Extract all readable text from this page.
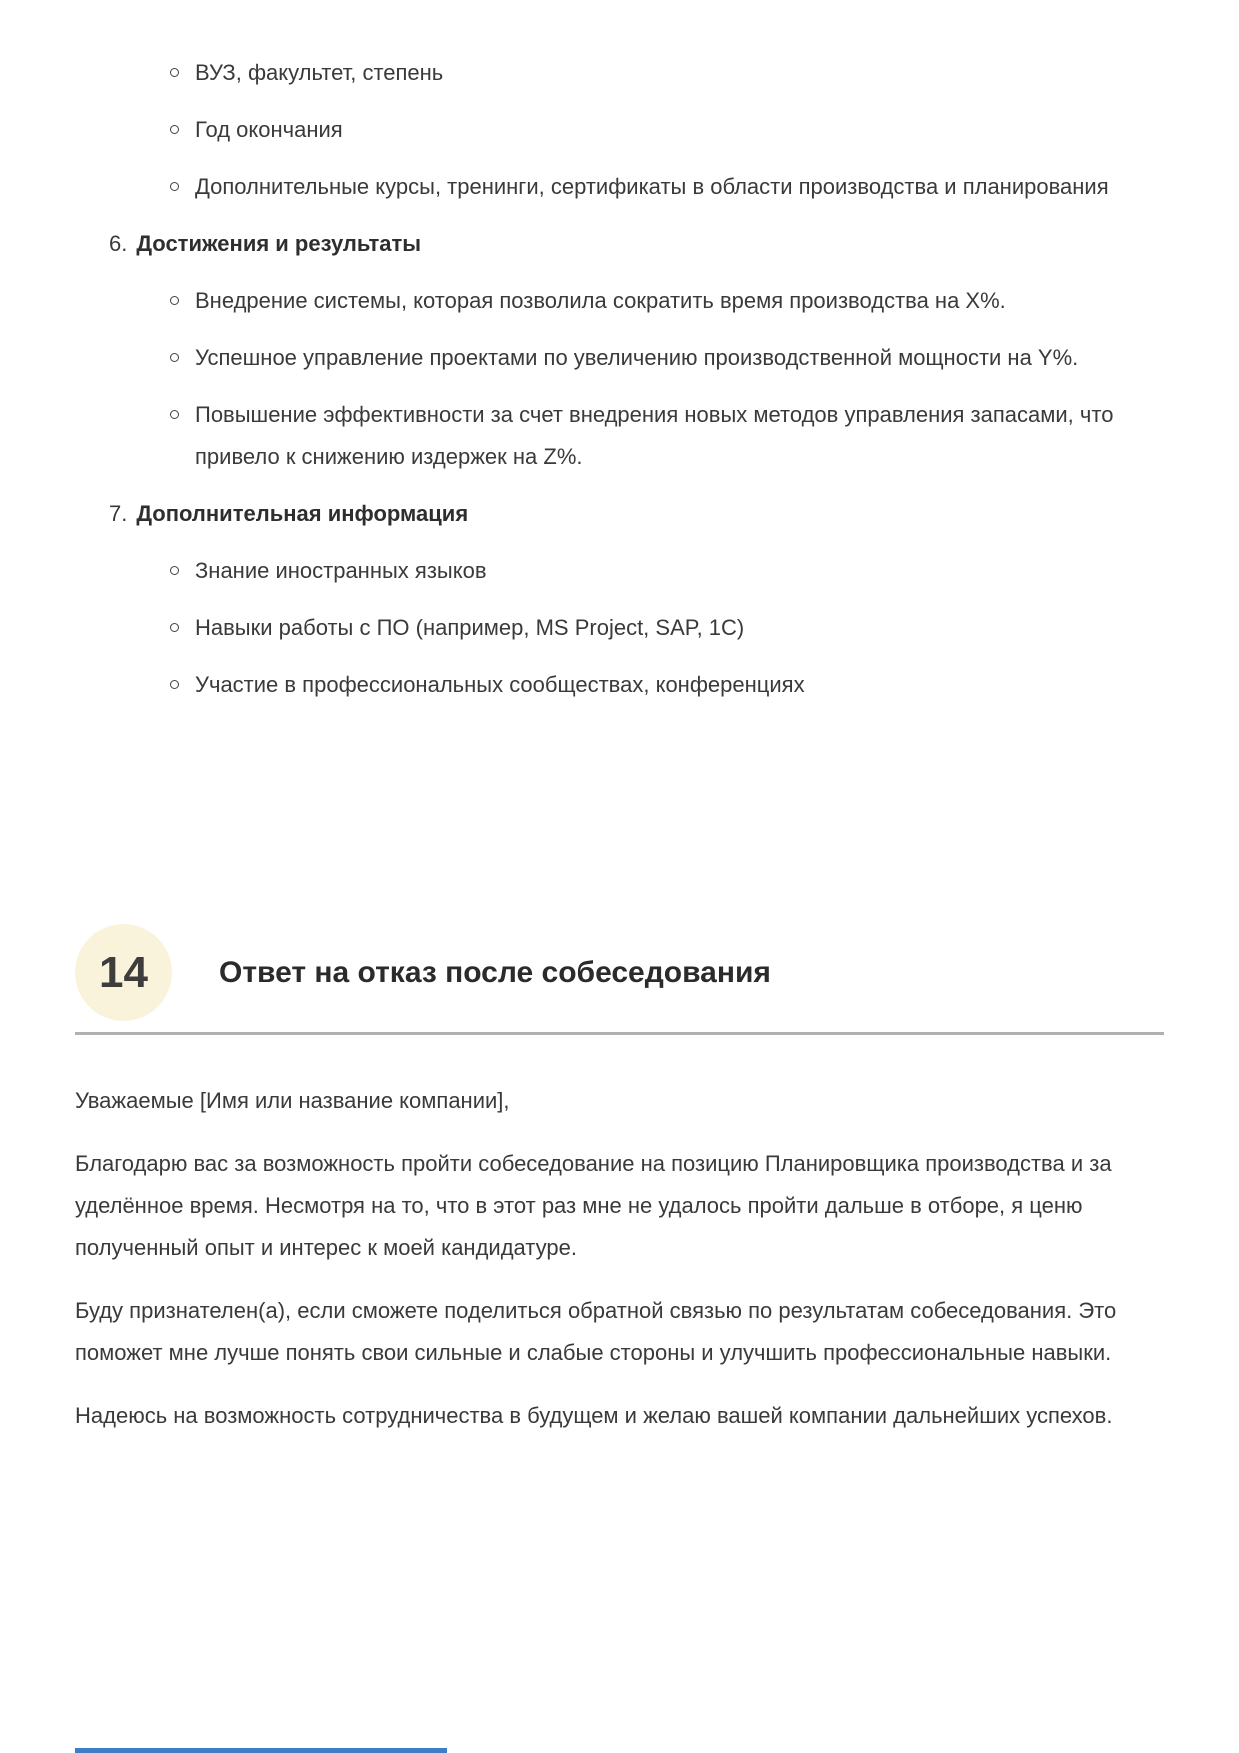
ВУЗ, факультет, степень
Год окончания
Дополнительные курсы, тренинги, сертификаты в области производства и планирования
6. Достижения и результаты
Внедрение системы, которая позволила сократить время производства на X%.
Успешное управление проектами по увеличению производственной мощности на Y%.
Повышение эффективности за счет внедрения новых методов управления запасами, что привело к снижению издержек на Z%.
7. Дополнительная информация
Знание иностранных языков
Навыки работы с ПО (например, MS Project, SAP, 1C)
Участие в профессиональных сообществах, конференциях
14 Ответ на отказ после собеседования

Уважаемые [Имя или название компании],

Благодарю вас за возможность пройти собеседование на позицию Планировщика производства и за уделённое время. Несмотря на то, что в этот раз мне не удалось пройти дальше в отборе, я ценю полученный опыт и интерес к моей кандидатуре.

Буду признателен(а), если сможете поделиться обратной связью по результатам собеседования. Это поможет мне лучше понять свои сильные и слабые стороны и улучшить профессиональные навыки.

Надеюсь на возможность сотрудничества в будущем и желаю вашей компании дальнейших успехов.
